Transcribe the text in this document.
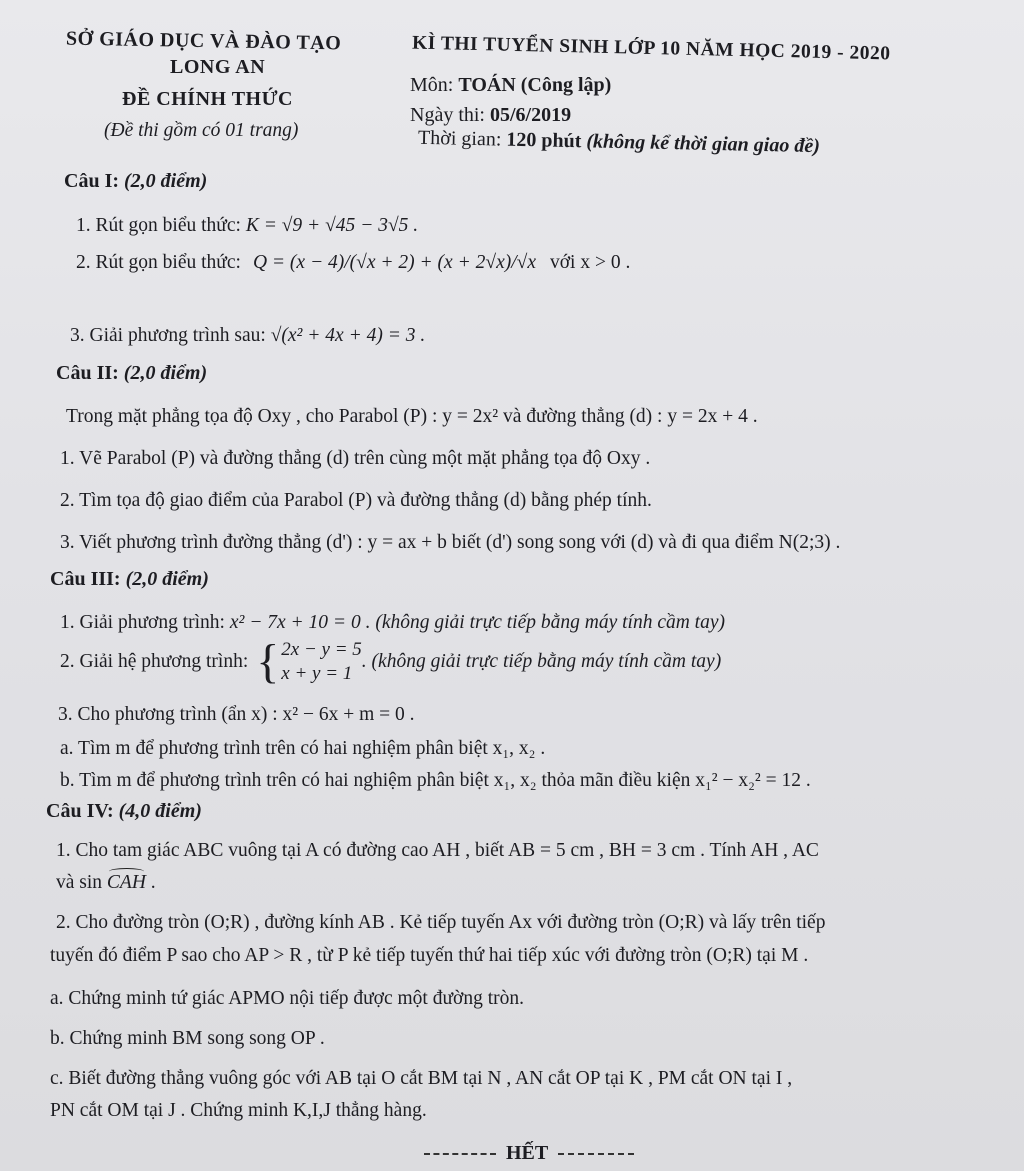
SỞ GIÁO DỤC VÀ ĐÀO TẠO
LONG AN
ĐỀ CHÍNH THỨC
(Đề thi gồm có 01 trang)
KÌ THI TUYỂN SINH LỚP 10 NĂM HỌC 2019 - 2020
Môn: TOÁN (Công lập)
Ngày thi: 05/6/2019
Thời gian: 120 phút (không kể thời gian giao đề)
Câu I: (2,0 điểm)
1. Rút gọn biểu thức: K = √9 + √45 − 3√5 .
2. Rút gọn biểu thức: Q = (x − 4)/(√x + 2) + (x + 2√x)/√x với x > 0 .
3. Giải phương trình sau: √(x² + 4x + 4) = 3 .
Câu II: (2,0 điểm)
Trong mặt phẳng tọa độ Oxy , cho Parabol (P) : y = 2x² và đường thẳng (d) : y = 2x + 4 .
1. Vẽ Parabol (P) và đường thẳng (d) trên cùng một mặt phẳng tọa độ Oxy .
2. Tìm tọa độ giao điểm của Parabol (P) và đường thẳng (d) bằng phép tính.
3. Viết phương trình đường thẳng (d') : y = ax + b biết (d') song song với (d) và đi qua điểm N(2;3) .
Câu III: (2,0 điểm)
1. Giải phương trình: x² − 7x + 10 = 0 . (không giải trực tiếp bằng máy tính cầm tay)
2. Giải hệ phương trình: { 2x − y = 5
x + y = 1
. (không giải trực tiếp bằng máy tính cầm tay)
3. Cho phương trình (ẩn x) : x² − 6x + m = 0 .
a. Tìm m để phương trình trên có hai nghiệm phân biệt x₁, x₂ .
b. Tìm m để phương trình trên có hai nghiệm phân biệt x₁, x₂ thỏa mãn điều kiện x₁² − x₂² = 12 .
Câu IV: (4,0 điểm)
1. Cho tam giác ABC vuông tại A có đường cao AH , biết AB = 5 cm , BH = 3 cm . Tính AH , AC
và sin CAH .
2. Cho đường tròn (O;R) , đường kính AB . Kẻ tiếp tuyến Ax với đường tròn (O;R) và lấy trên tiếp
tuyến đó điểm P sao cho AP > R , từ P kẻ tiếp tuyến thứ hai tiếp xúc với đường tròn (O;R) tại M .
a. Chứng minh tứ giác APMO nội tiếp được một đường tròn.
b. Chứng minh BM song song OP .
c. Biết đường thẳng vuông góc với AB tại O cắt BM tại N , AN cắt OP tại K , PM cắt ON tại I ,
PN cắt OM tại J . Chứng minh K,I,J thẳng hàng.
HẾT
